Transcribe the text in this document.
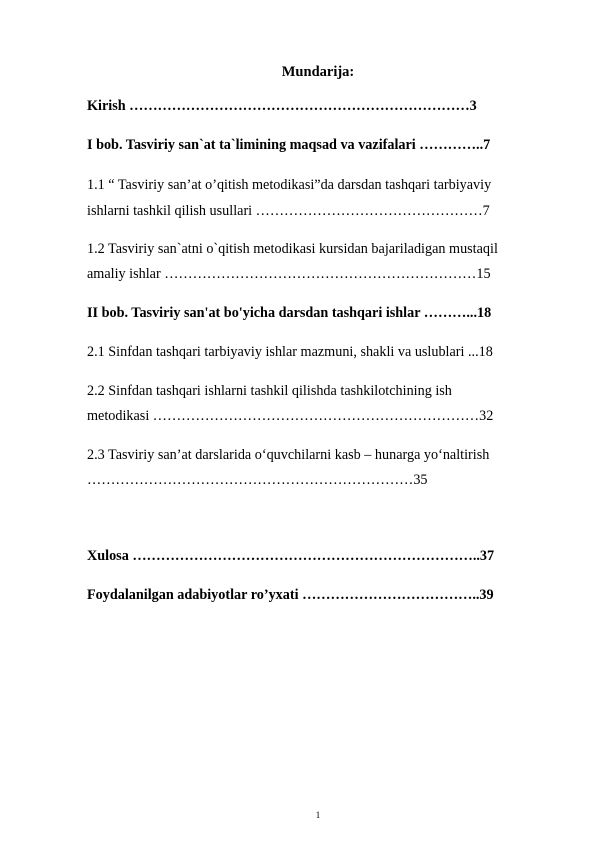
Mundarija:
Kirish ………………………………………………………………3
I bob. Tasviriy san`at ta`limining maqsad va vazifalari …………..7
1.1 “ Tasviriy san’at o’qitish metodikasi”da darsdan tashqari tarbiyaviy
ishlarni tashkil qilish usullari …………………………………………7
1.2 Tasviriy san`atni o`qitish metodikasi kursidan bajariladigan mustaqil
amaliy ishlar …………………………………………………………15
II bob. Tasviriy san'at bo'yicha darsdan tashqari ishlar ………...18
2.1 Sinfdan tashqari tarbiyaviy ishlar mazmuni, shakli va uslublari ...18
2.2 Sinfdan tashqari ishlarni tashkil qilishda tashkilotchining ish
metodikasi ……………………………………………………………32
2.3 Tasviriy san’at darslarida o‘quvchilarni kasb – hunarga yo‘naltirish
……………………………………………………………35
Xulosa ………………………………………………………………..37
Foydalanilgan adabiyotlar ro’yxati ………………………………..39
1
